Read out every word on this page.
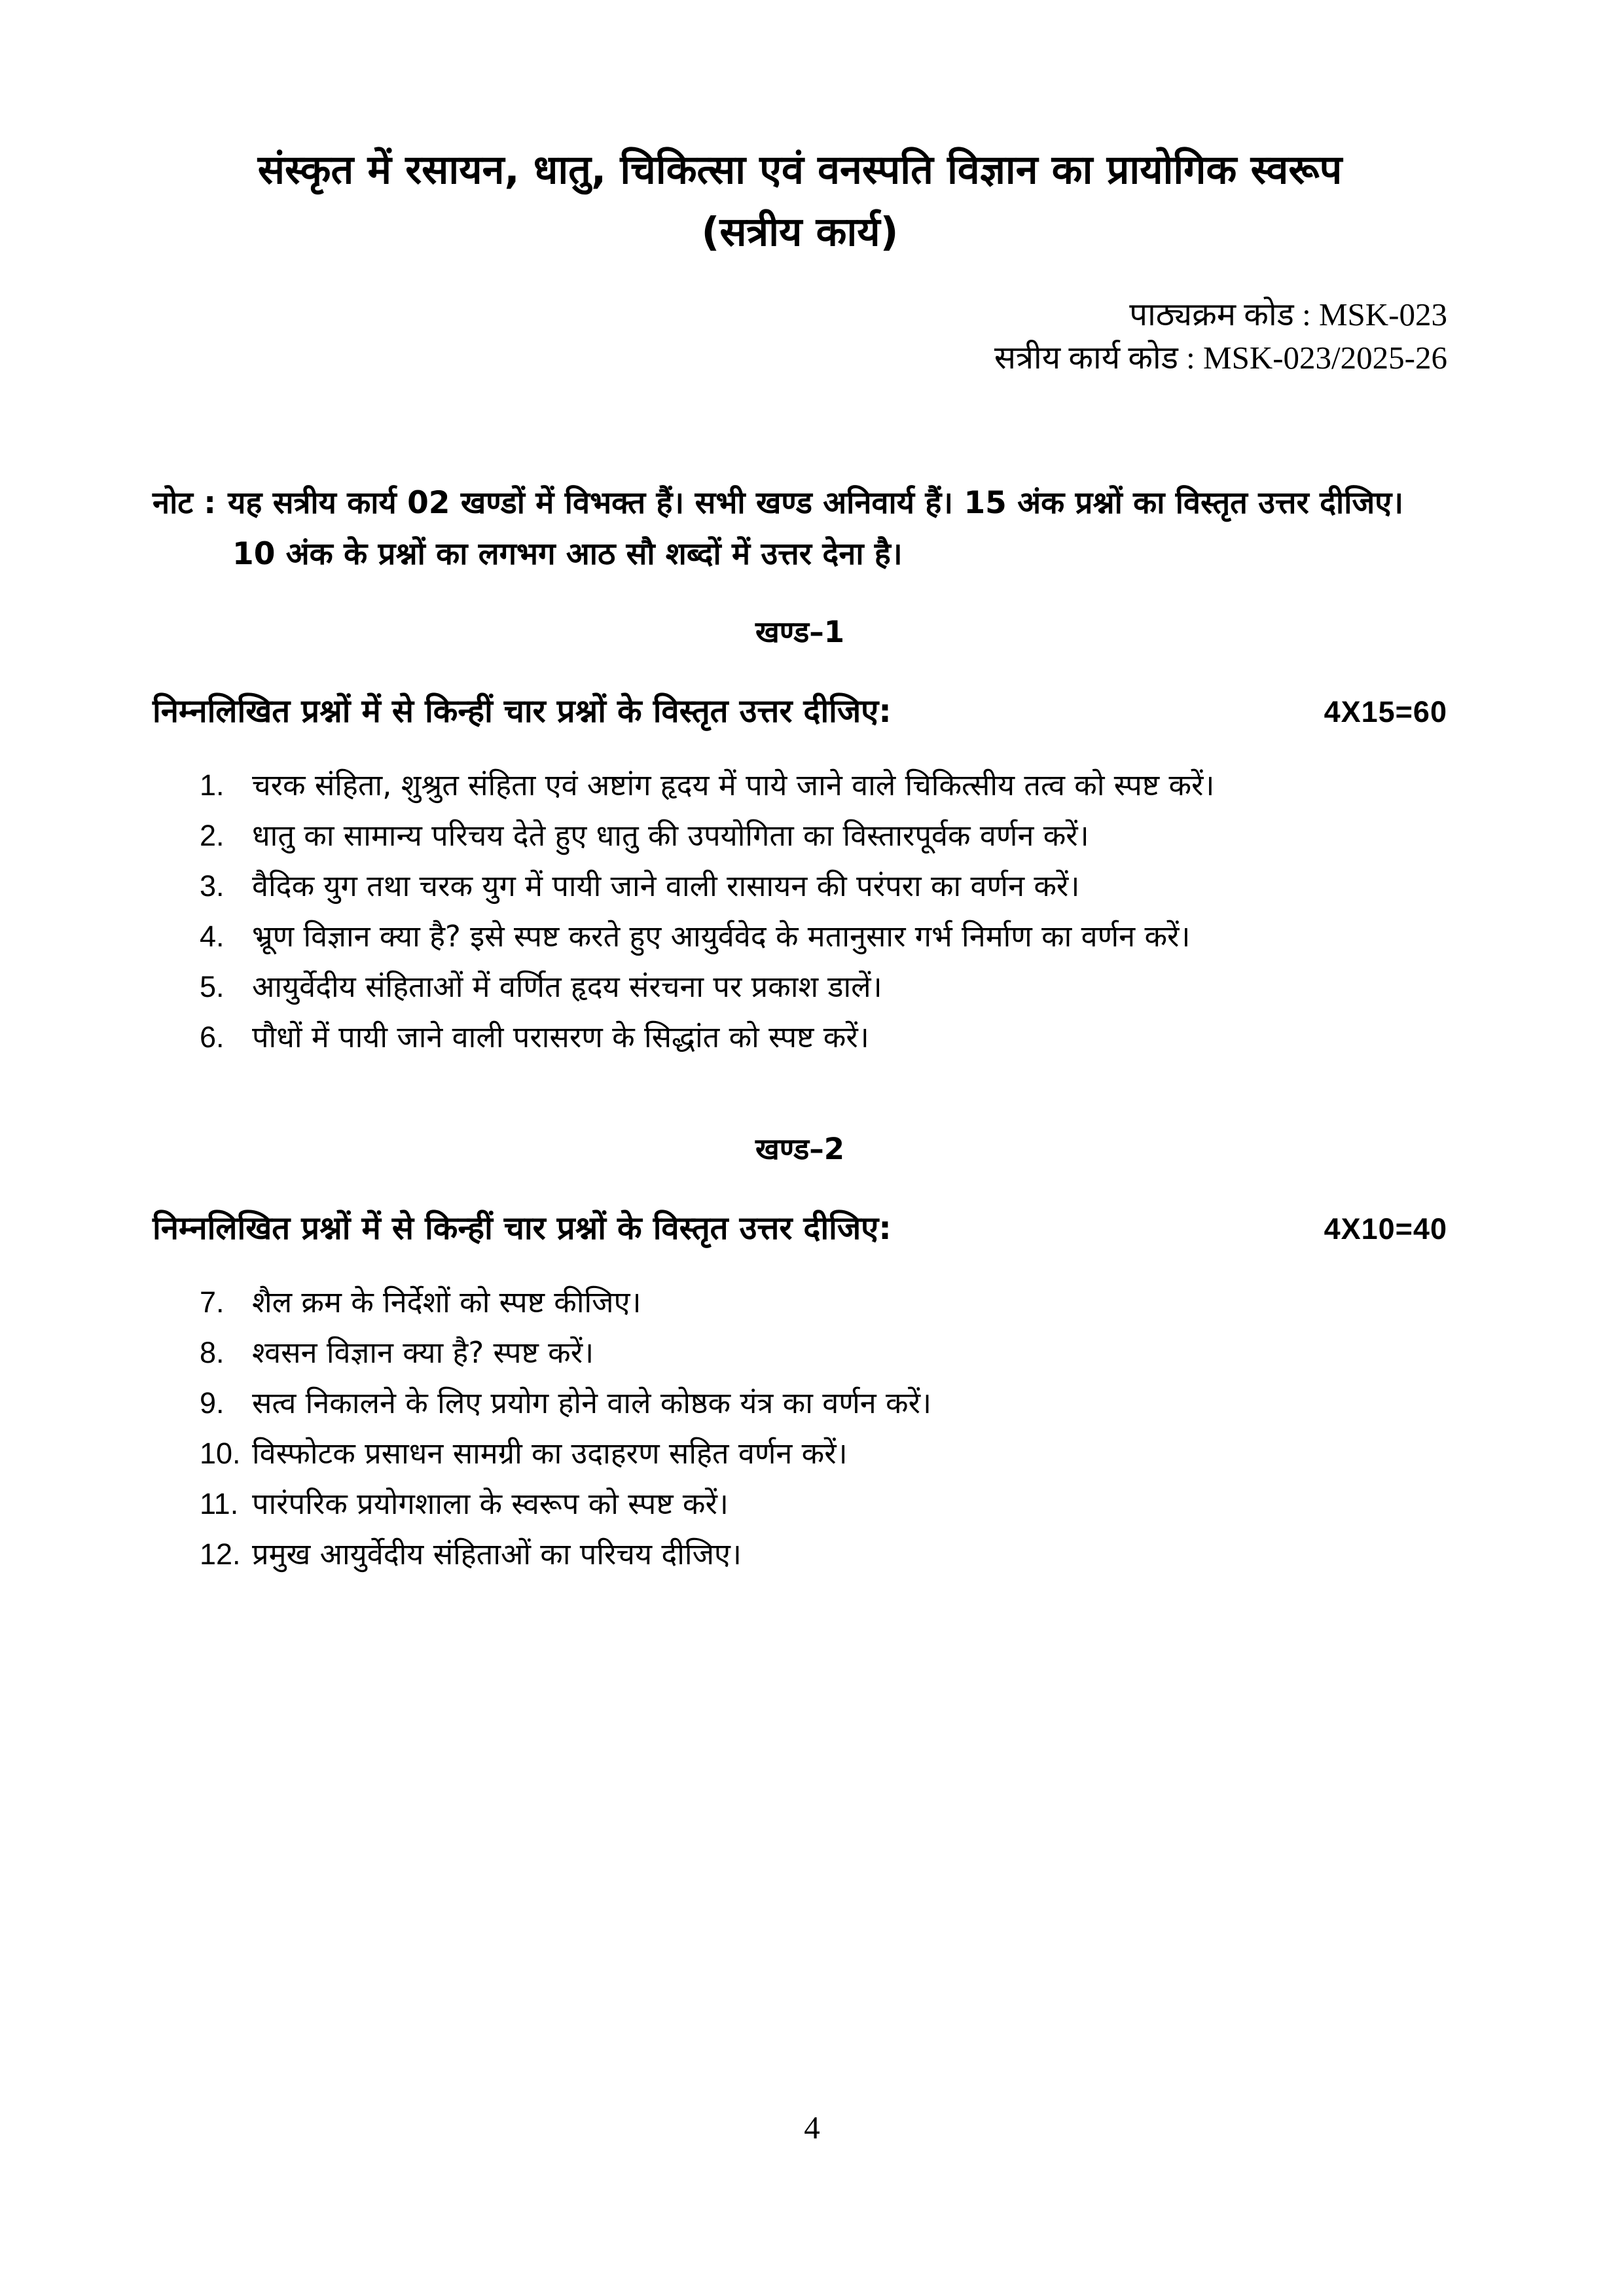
संस्कृत में रसायन, धातु, चिकित्सा एवं वनस्पति विज्ञान का प्रायोगिक स्वरूप
(सत्रीय कार्य)
पाठ्यक्रम कोड : MSK-023
सत्रीय कार्य कोड : MSK-023/2025-26
नोट : यह सत्रीय कार्य 02 खण्डों में विभक्त हैं। सभी खण्ड अनिवार्य हैं। 15 अंक प्रश्नों का विस्तृत उत्तर दीजिए। 10 अंक के प्रश्नों का लगभग आठ सौ शब्दों में उत्तर देना है।
खण्ड–1
निम्नलिखित प्रश्नों में से किन्हीं चार प्रश्नों के विस्तृत उत्तर दीजिए:	4X15=60
1. चरक संहिता, शुश्रुत संहिता एवं अष्टांग हृदय में पाये जाने वाले चिकित्सीय तत्व को स्पष्ट करें।
2. धातु का सामान्य परिचय देते हुए धातु की उपयोगिता का विस्तारपूर्वक वर्णन करें।
3. वैदिक युग तथा चरक युग में पायी जाने वाली रासायन की परंपरा का वर्णन करें।
4. भ्रूण विज्ञान क्या है? इसे स्पष्ट करते हुए आयुर्ववेद के मतानुसार गर्भ निर्माण का वर्णन करें।
5. आयुर्वेदीय संहिताओं में वर्णित हृदय संरचना पर प्रकाश डालें।
6. पौधों में पायी जाने वाली परासरण के सिद्धांत को स्पष्ट करें।
खण्ड–2
निम्नलिखित प्रश्नों में से किन्हीं चार प्रश्नों के विस्तृत उत्तर दीजिए:	4X10=40
7. शैल क्रम के निर्देशों को स्पष्ट कीजिए।
8. श्वसन विज्ञान क्या है? स्पष्ट करें।
9. सत्व निकालने के लिए प्रयोग होने वाले कोष्ठक यंत्र का वर्णन करें।
10. विस्फोटक प्रसाधन सामग्री का उदाहरण सहित वर्णन करें।
11. पारंपरिक प्रयोगशाला के स्वरूप को स्पष्ट करें।
12. प्रमुख आयुर्वेदीय संहिताओं का परिचय दीजिए।
4
